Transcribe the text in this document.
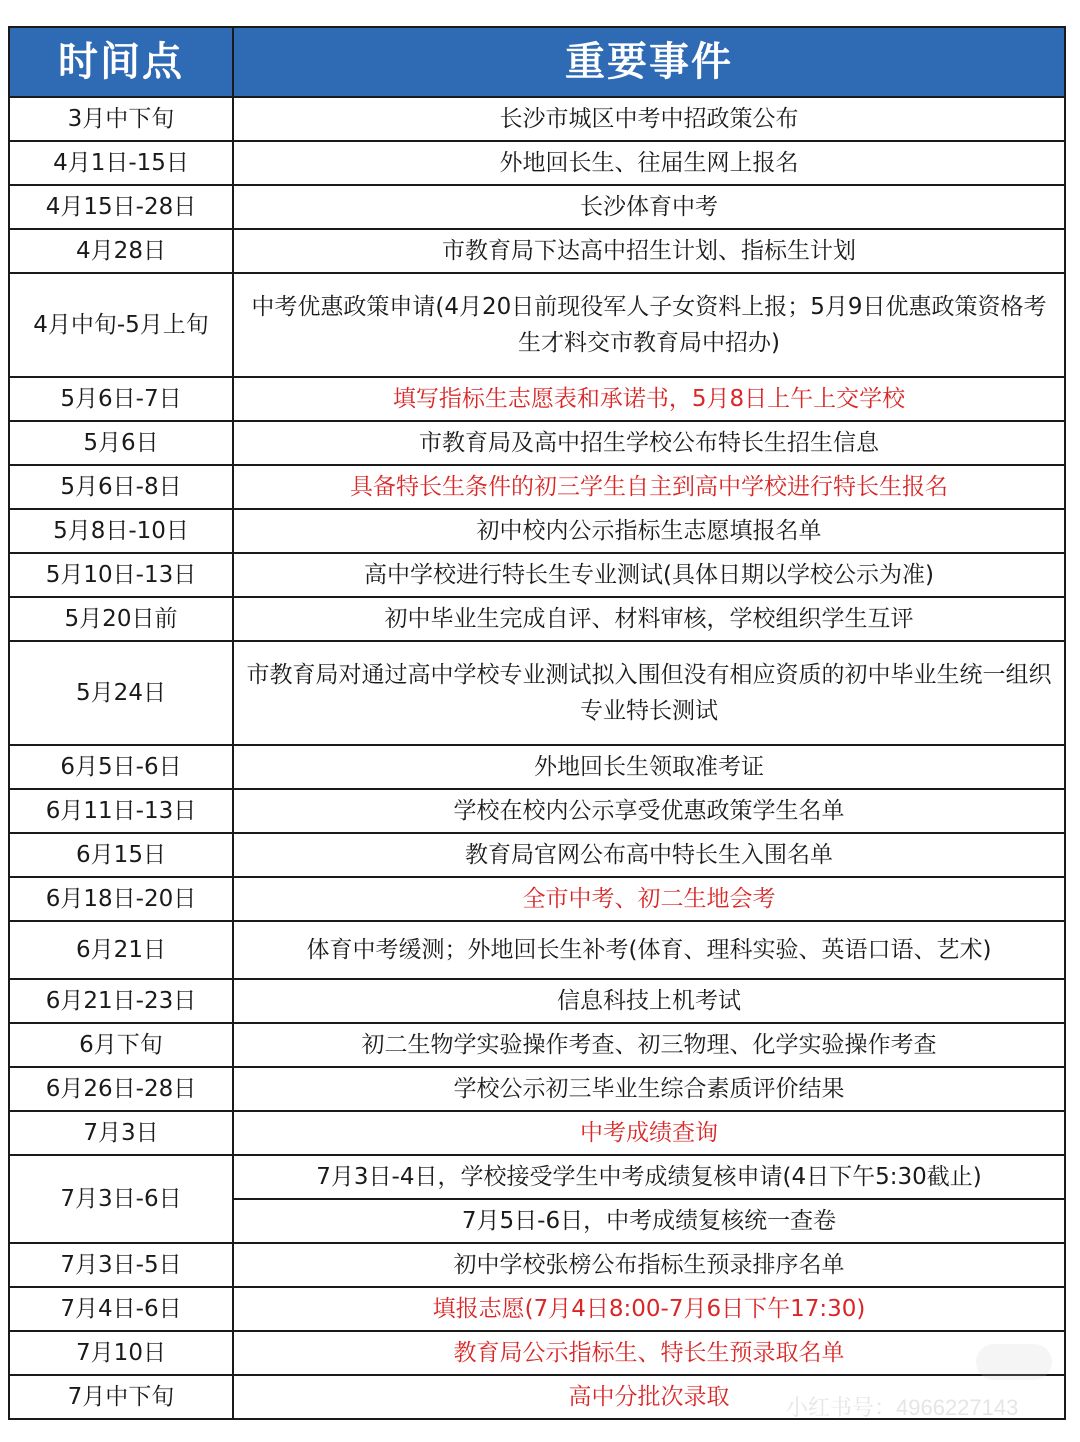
时间点	重要事件
3月中下旬	长沙市城区中考中招政策公布
4月1日-15日	外地回长生、往届生网上报名
4月15日-28日	长沙体育中考
4月28日	市教育局下达高中招生计划、指标生计划
4月中旬-5月上旬	中考优惠政策申请(4月20日前现役军人子女资料上报；5月9日优惠政策资格考生才料交市教育局中招办)
5月6日-7日	填写指标生志愿表和承诺书，5月8日上午上交学校
5月6日	市教育局及高中招生学校公布特长生招生信息
5月6日-8日	具备特长生条件的初三学生自主到高中学校进行特长生报名
5月8日-10日	初中校内公示指标生志愿填报名单
5月10日-13日	高中学校进行特长生专业测试(具体日期以学校公示为准)
5月20日前	初中毕业生完成自评、材料审核，学校组织学生互评
5月24日	市教育局对通过高中学校专业测试拟入围但没有相应资质的初中毕业生统一组织专业特长测试
6月5日-6日	外地回长生领取准考证
6月11日-13日	学校在校内公示享受优惠政策学生名单
6月15日	教育局官网公布高中特长生入围名单
6月18日-20日	全市中考、初二生地会考
6月21日	体育中考缓测；外地回长生补考(体育、理科实验、英语口语、艺术)
6月21日-23日	信息科技上机考试
6月下旬	初二生物学实验操作考查、初三物理、化学实验操作考查
6月26日-28日	学校公示初三毕业生综合素质评价结果
7月3日	中考成绩查询
7月3日-6日	7月3日-4日，学校接受学生中考成绩复核申请(4日下午5:30截止)
	7月5日-6日，中考成绩复核统一查卷
7月3日-5日	初中学校张榜公布指标生预录排序名单
7月4日-6日	填报志愿(7月4日8:00-7月6日下午17:30)
7月10日	教育局公示指标生、特长生预录取名单
7月中下旬	高中分批次录取	小红书号：4966227143
